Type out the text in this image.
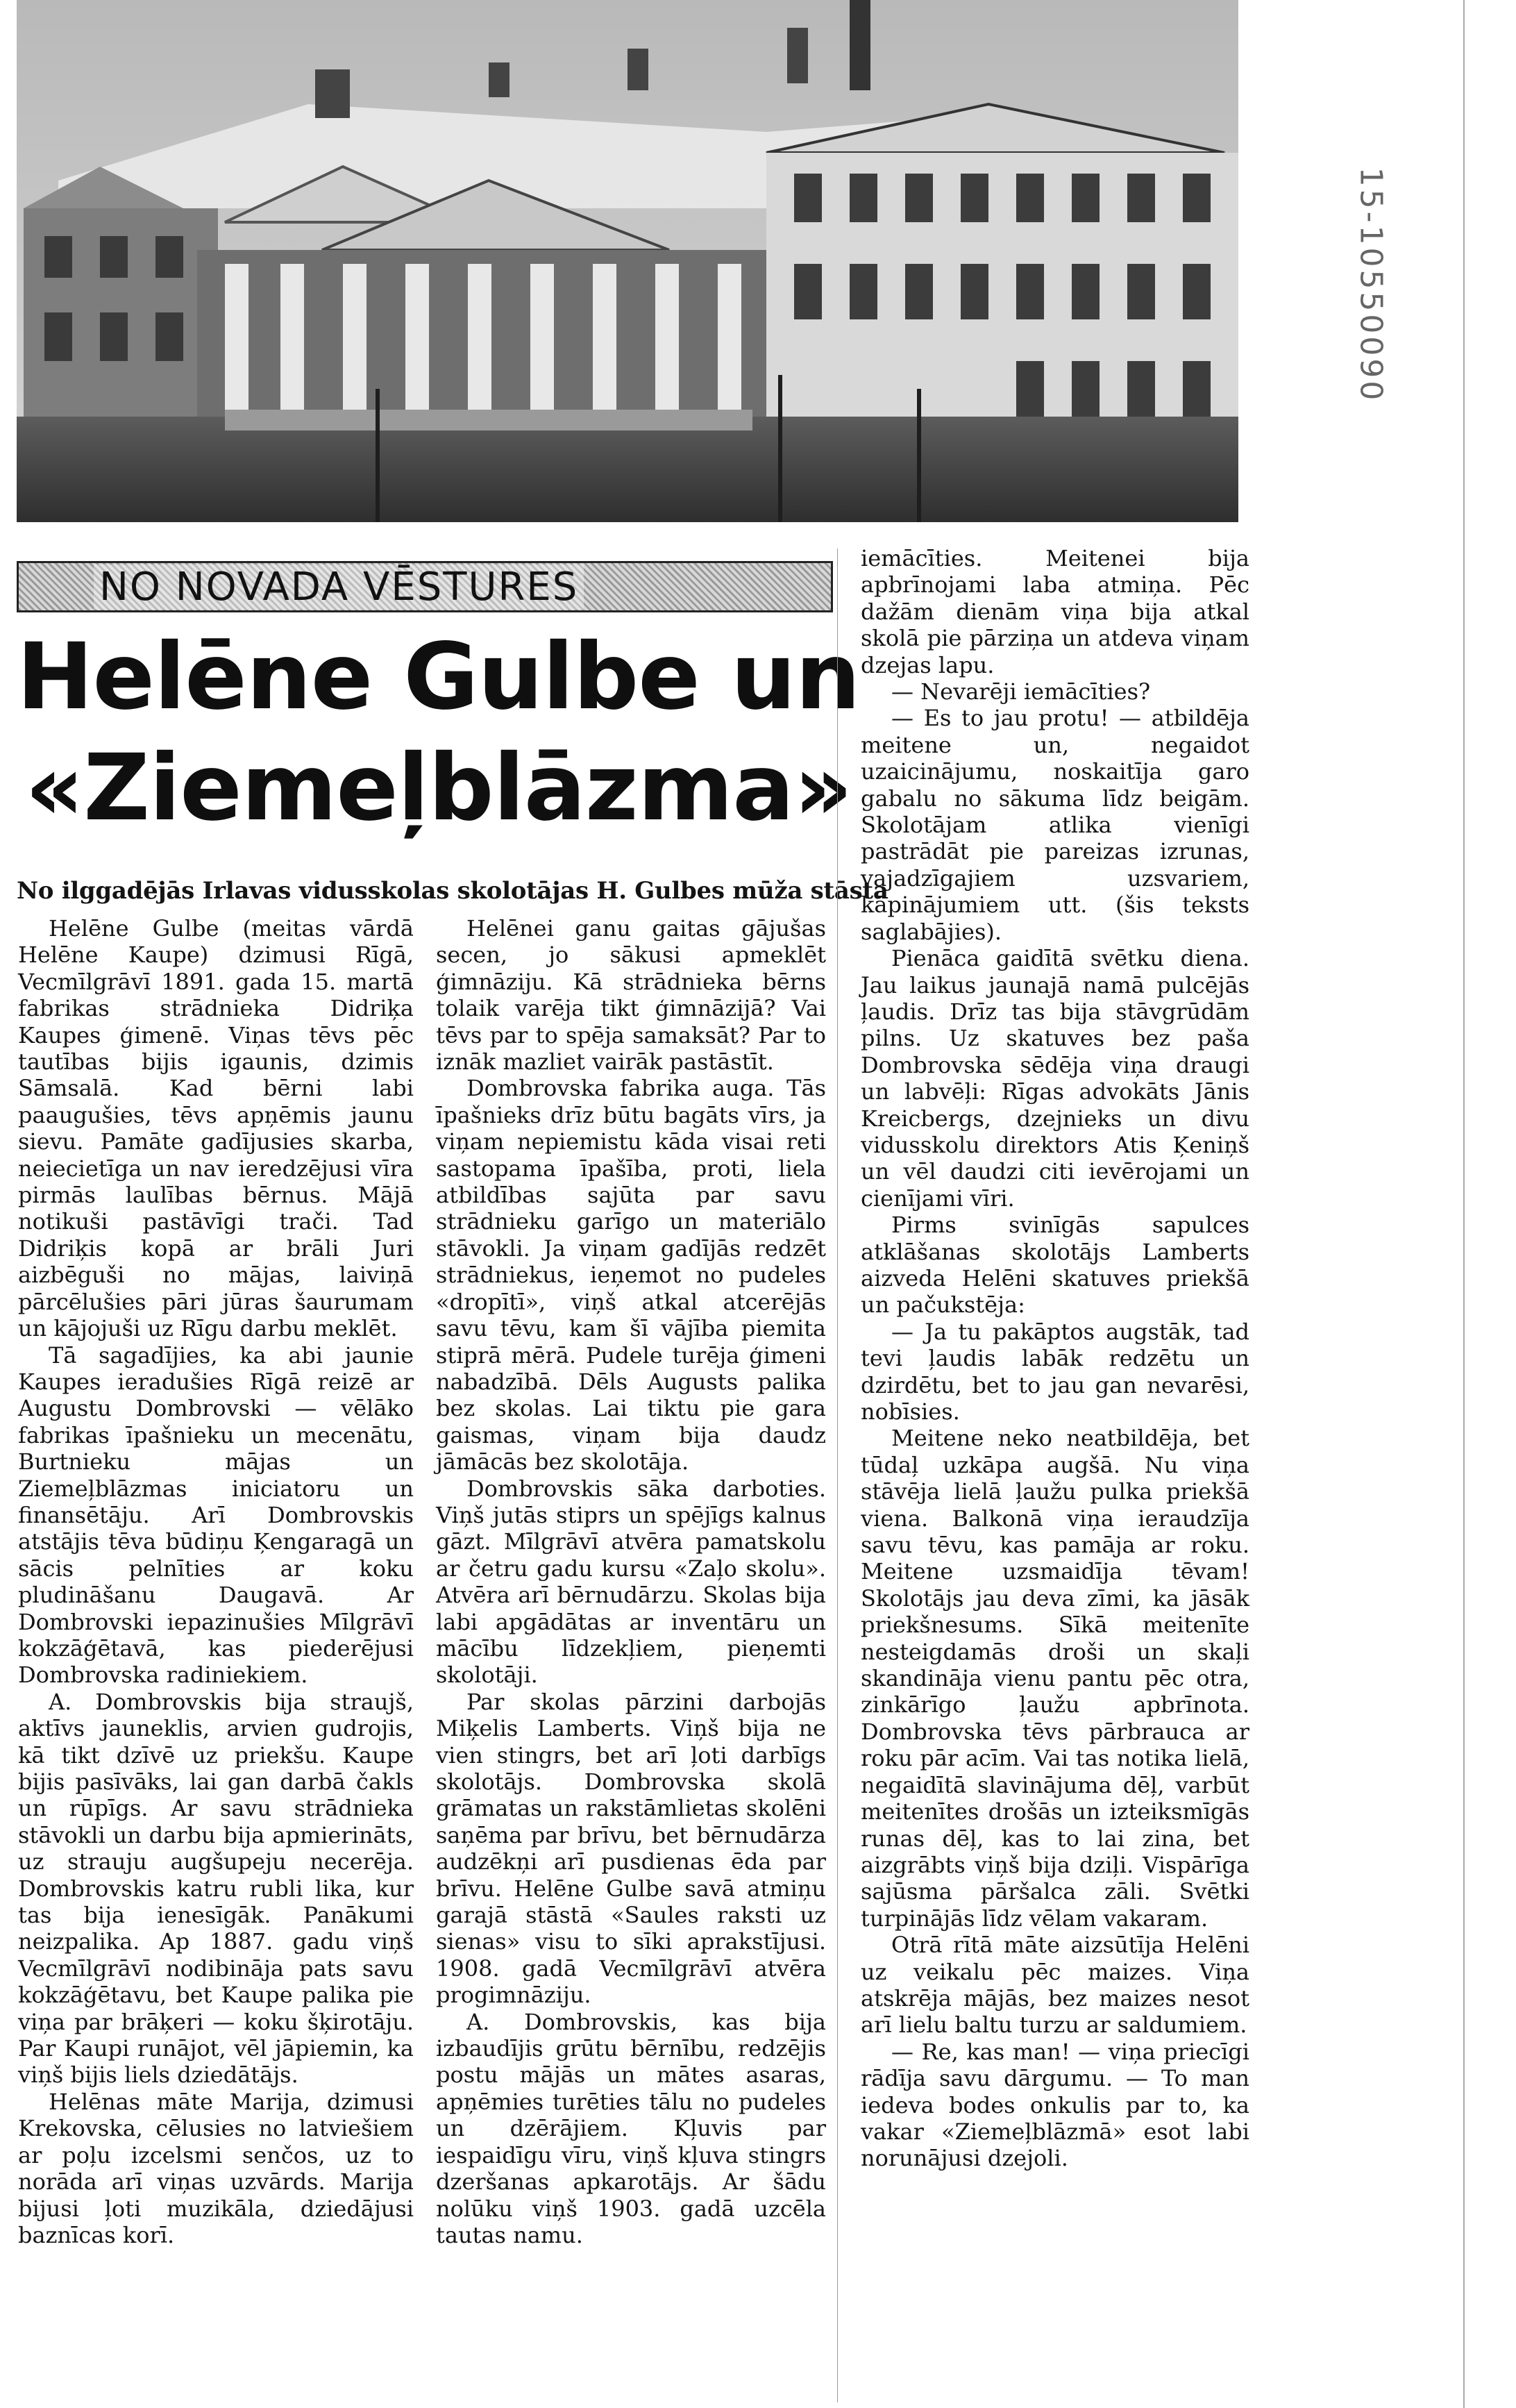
NO NOVADA VĒSTURES
Helēne Gulbe un
«Ziemeļblāzma»
No ilggadējās Irlavas vidusskolas skolotājas H. Gulbes mūža stāsta

Helēne Gulbe (meitas vārdā Helēne Kaupe) dzimusi Rīgā, Vecmīlgrāvī 1891. gada 15. martā fabrikas strādnieka Didriķa Kaupes ģimenē. Viņas tēvs pēc tautības bijis igaunis, dzimis Sāmsalā. Kad bērni labi paaugušies, tēvs apņēmis jaunu sievu. Pamāte gadījusies skarba, neiecietīga un nav ieredzējusi vīra pirmās laulības bērnus. Mājā notikuši pastāvīgi trači. Tad Didriķis kopā ar brāli Juri aizbēguši no mājas, laiviņā pārcēlušies pāri jūras šaurumam un kājojuši uz Rīgu darbu meklēt.

Tā sagadījies, ka abi jaunie Kaupes ieradušies Rīgā reizē ar Augustu Dombrovski — vēlāko fabrikas īpašnieku un mecenātu, Burtnieku mājas un Ziemeļblāzmas iniciatoru un finansētāju. Arī Dombrovskis atstājis tēva būdiņu Ķengaragā un sācis pelnīties ar koku pludināšanu Daugavā. Ar Dombrovski iepazinušies Mīlgrāvī kokzāģētavā, kas piederējusi Dombrovska radiniekiem.

A. Dombrovskis bija straujš, aktīvs jauneklis, arvien gudrojis, kā tikt dzīvē uz priekšu. Kaupe bijis pasīvāks, lai gan darbā čakls un rūpīgs. Ar savu strādnieka stāvokli un darbu bija apmierināts, uz strauju augšupeju necerēja. Dombrovskis katru rubli lika, kur tas bija ienesīgāk. Panākumi neizpalika. Ap 1887. gadu viņš Vecmīlgrāvī nodibināja pats savu kokzāģētavu, bet Kaupe palika pie viņa par brāķeri — koku šķirotāju. Par Kaupi runājot, vēl jāpiemin, ka viņš bijis liels dziedātājs.

Helēnas māte Marija, dzimusi Krekovska, cēlusies no latviešiem ar poļu izcelsmi senčos, uz to norāda arī viņas uzvārds. Marija bijusi ļoti muzikāla, dziedājusi baznīcas korī.

Helēnei ganu gaitas gājušas secen, jo sākusi apmeklēt ģimnāziju. Kā strādnieka bērns tolaik varēja tikt ģimnāzijā? Vai tēvs par to spēja samaksāt? Par to iznāk mazliet vairāk pastāstīt.

Dombrovska fabrika auga. Tās īpašnieks drīz būtu bagāts vīrs, ja viņam nepiemistu kāda visai reti sastopama īpašība, proti, liela atbildības sajūta par savu strādnieku garīgo un materiālo stāvokli. Ja viņam gadījās redzēt strādniekus, ieņemot no pudeles «dropītī», viņš atkal atcerējās savu tēvu, kam šī vājība piemita stiprā mērā. Pudele turēja ģimeni nabadzībā. Dēls Augusts palika bez skolas. Lai tiktu pie gara gaismas, viņam bija daudz jāmācās bez skolotāja.

Dombrovskis sāka darboties. Viņš jutās stiprs un spējīgs kalnus gāzt. Mīlgrāvī atvēra pamatskolu ar četru gadu kursu «Zaļo skolu». Atvēra arī bērnudārzu. Skolas bija labi apgādātas ar inventāru un mācību līdzekļiem, pieņemti skolotāji.

Par skolas pārzini darbojās Miķelis Lamberts. Viņš bija ne vien stingrs, bet arī ļoti darbīgs skolotājs. Dombrovska skolā grāmatas un rakstāmlietas skolēni saņēma par brīvu, bet bērnudārza audzēkņi arī pusdienas ēda par brīvu. Helēne Gulbe savā atmiņu garajā stāstā «Saules raksti uz sienas» visu to sīki aprakstījusi. 1908. gadā Vecmīlgrāvī atvēra progimnāziju.

A. Dombrovskis, kas bija izbaudījis grūtu bērnību, redzējis postu mājās un mātes asaras, apņēmies turēties tālu no pudeles un dzērājiem. Kļuvis par iespaidīgu vīru, viņš kļuva stingrs dzeršanas apkarotājs. Ar šādu nolūku viņš 1903. gadā uzcēla tautas namu.

iemācīties. Meitenei bija apbrīnojami laba atmiņa. Pēc dažām dienām viņa bija atkal skolā pie pārziņa un atdeva viņam dzejas lapu.

— Nevarēji iemācīties?

— Es to jau protu! — atbildēja meitene un, negaidot uzaicinājumu, noskaitīja garo gabalu no sākuma līdz beigām. Skolotājam atlika vienīgi pastrādāt pie pareizas izrunas, vajadzīgajiem uzsvariem, kāpinājumiem utt. (šis teksts saglabājies).

Pienāca gaidītā svētku diena. Jau laikus jaunajā namā pulcējās ļaudis. Drīz tas bija stāvgrūdām pilns. Uz skatuves bez paša Dombrovska sēdēja viņa draugi un labvēļi: Rīgas advokāts Jānis Kreicbergs, dzejnieks un divu vidusskolu direktors Atis Ķeniņš un vēl daudzi citi ievērojami un cienījami vīri.

Pirms svinīgās sapulces atklāšanas skolotājs Lamberts aizveda Helēni skatuves priekšā un pačukstēja:

— Ja tu pakāptos augstāk, tad tevi ļaudis labāk redzētu un dzirdētu, bet to jau gan nevarēsi, nobīsies.

Meitene neko neatbildēja, bet tūdaļ uzkāpa augšā. Nu viņa stāvēja lielā ļaužu pulka priekšā viena. Balkonā viņa ieraudzīja savu tēvu, kas pamāja ar roku. Meitene uzsmaidīja tēvam! Skolotājs jau deva zīmi, ka jāsāk priekšnesums. Sīkā meitenīte nesteigdamās droši un skaļi skandināja vienu pantu pēc otra, zinkārīgo ļaužu apbrīnota. Dombrovska tēvs pārbrauca ar roku pār acīm. Vai tas notika lielā, negaidītā slavinājuma dēļ, varbūt meitenītes drošās un izteiksmīgās runas dēļ, kas to lai zina, bet aizgrābts viņš bija dziļi. Vispārīga sajūsma pāršalca zāli. Svētki turpinājās līdz vēlam vakaram.

Otrā rītā māte aizsūtīja Helēni uz veikalu pēc maizes. Viņa atskrēja mājās, bez maizes nesot arī lielu baltu turzu ar saldumiem.

— Re, kas man! — viņa priecīgi rādīja savu dārgumu. — To man iedeva bodes onkulis par to, ka vakar «Ziemeļblāzmā» esot labi norunājusi dzejoli.

15-10550090
